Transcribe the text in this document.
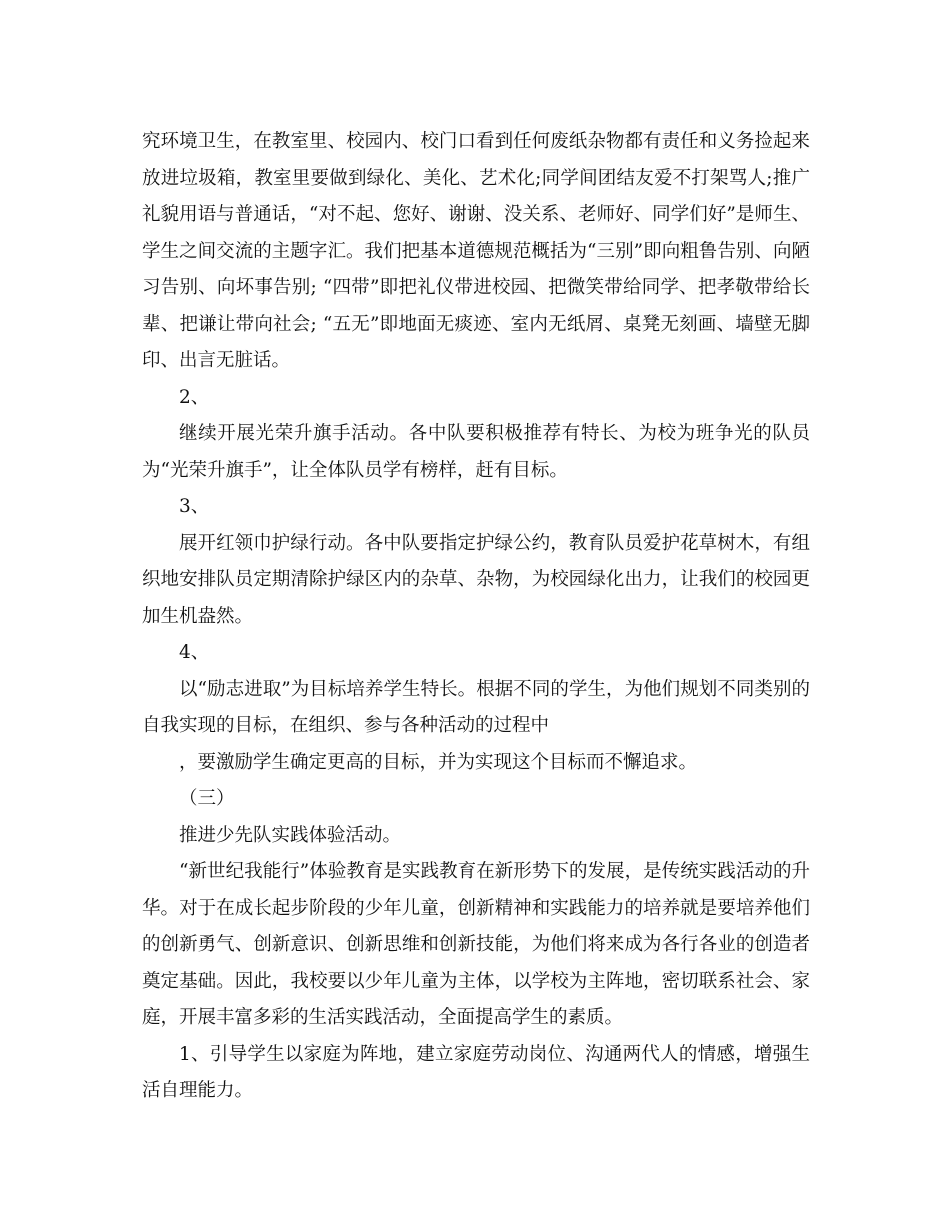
究环境卫生，在教室里、校园内、校门口看到任何废纸杂物都有责任和义务捡起来放进垃圾箱，教室里要做到绿化、美化、艺术化;同学间团结友爱不打架骂人;推广礼貌用语与普通话，“对不起、您好、谢谢、没关系、老师好、同学们好”是师生、学生之间交流的主题字汇。我们把基本道德规范概括为“三别”即向粗鲁告别、向陋习告别、向坏事告别; “四带”即把礼仪带进校园、把微笑带给同学、把孝敬带给长辈、把谦让带向社会; “五无”即地面无痰迹、室内无纸屑、桌凳无刻画、墙壁无脚印、出言无脏话。

2、

继续开展光荣升旗手活动。各中队要积极推荐有特长、为校为班争光的队员为“光荣升旗手”，让全体队员学有榜样，赶有目标。

3、

展开红领巾护绿行动。各中队要指定护绿公约，教育队员爱护花草树木，有组织地安排队员定期清除护绿区内的杂草、杂物，为校园绿化出力，让我们的校园更加生机盎然。

4、

以“励志进取”为目标培养学生特长。根据不同的学生，为他们规划不同类别的自我实现的目标，在组织、参与各种活动的过程中

，要激励学生确定更高的目标，并为实现这个目标而不懈追求。

（三）

推进少先队实践体验活动。

“新世纪我能行”体验教育是实践教育在新形势下的发展，是传统实践活动的升华。对于在成长起步阶段的少年儿童，创新精神和实践能力的培养就是要培养他们的创新勇气、创新意识、创新思维和创新技能，为他们将来成为各行各业的创造者奠定基础。因此，我校要以少年儿童为主体，以学校为主阵地，密切联系社会、家庭，开展丰富多彩的生活实践活动，全面提高学生的素质。

1、引导学生以家庭为阵地，建立家庭劳动岗位、沟通两代人的情感，增强生活自理能力。
